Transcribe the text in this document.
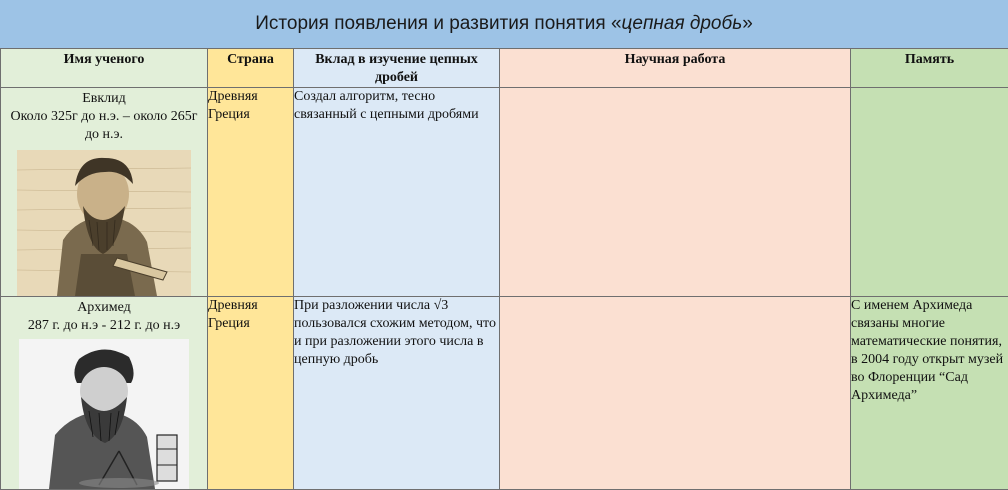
История появления и развития понятия « цепная дробь »
Имя ученого	Страна	Вклад в изучение цепных дробей	Научная работа	Память

Евклид
Около 325г до н.э. – около 265г до н.э.	Древняя Греция	Создал алгоритм, тесно связанный с цепными дробями		

Архимед
287 г. до н.э - 212 г. до н.э	Древняя Греция	При разложении числа √3 пользовался схожим методом, что и при разложении этого числа в цепную дробь		С именем Архимеда связаны многие математические понятия, в 2004 году открыт музей во Флоренции “Сад Архимеда”
